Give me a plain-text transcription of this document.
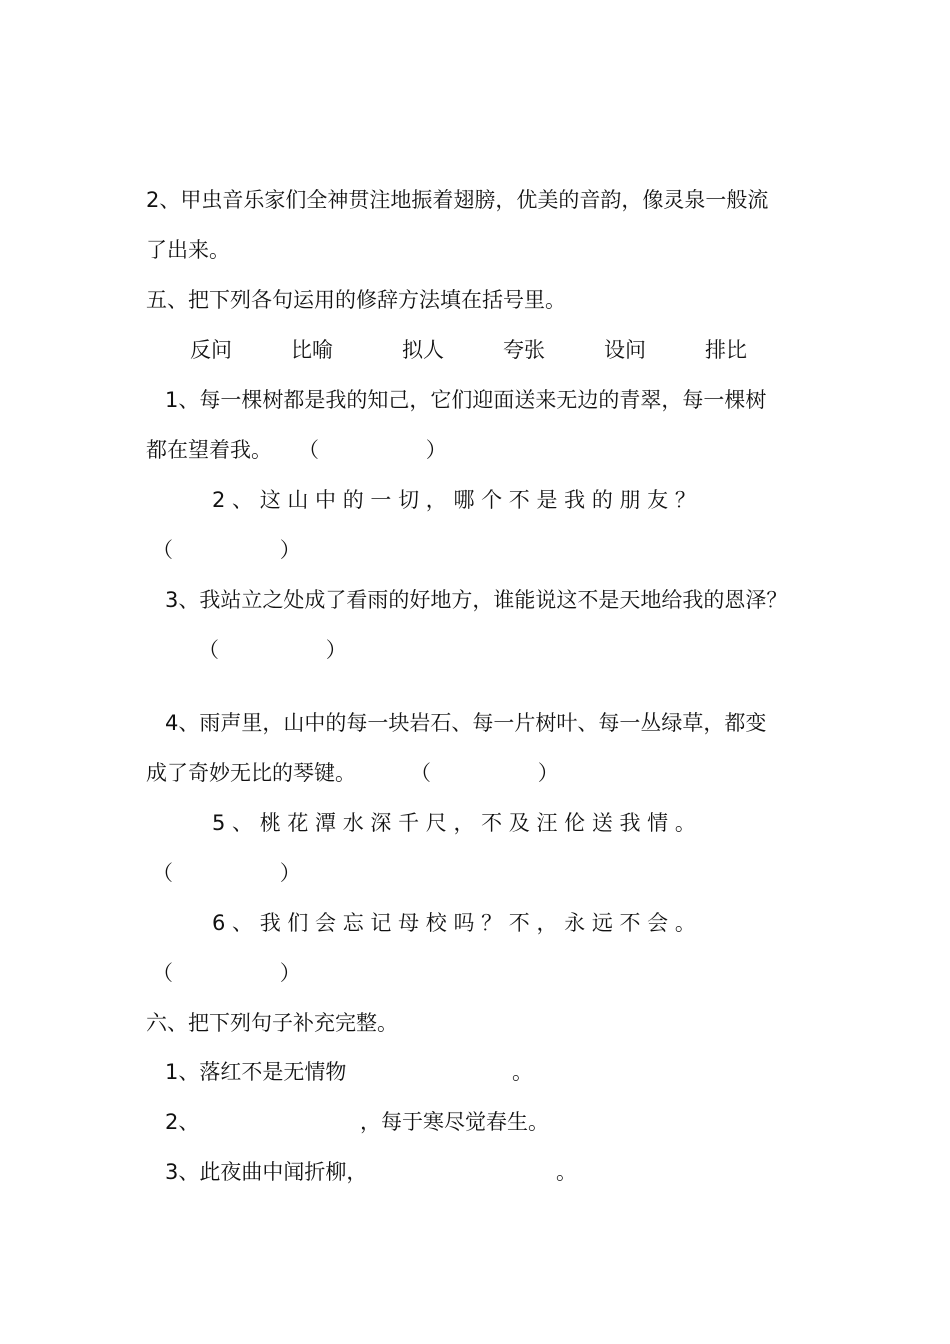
2、甲虫音乐家们全神贯注地振着翅膀，优美的音韵，像灵泉一般流
了出来。
五、把下列各句运用的修辞方法填在括号里。
反问	比喻	拟人	夸张	设问	排比
1、每一棵树都是我的知己，它们迎面送来无边的青翠，每一棵树
都在望着我。 （                ）
2 、 这 山 中 的 一 切 ， 哪 个 不 是 我 的 朋 友 ？
（                ）
3、我站立之处成了看雨的好地方，谁能说这不是天地给我的恩泽？
（                ）
4、雨声里，山中的每一块岩石、每一片树叶、每一丛绿草，都变
成了奇妙无比的琴键。	（                ）
5 、 桃 花 潭 水 深 千 尺 ， 不 及 汪 伦 送 我 情 。
（                ）
6 、 我 们 会 忘 记 母 校 吗 ？ 不 ， 永 远 不 会 。
（                ）
六、把下列句子补充完整。
1、落红不是无情物	。
2、	，每于寒尽觉春生。
3、此夜曲中闻折柳，	。
